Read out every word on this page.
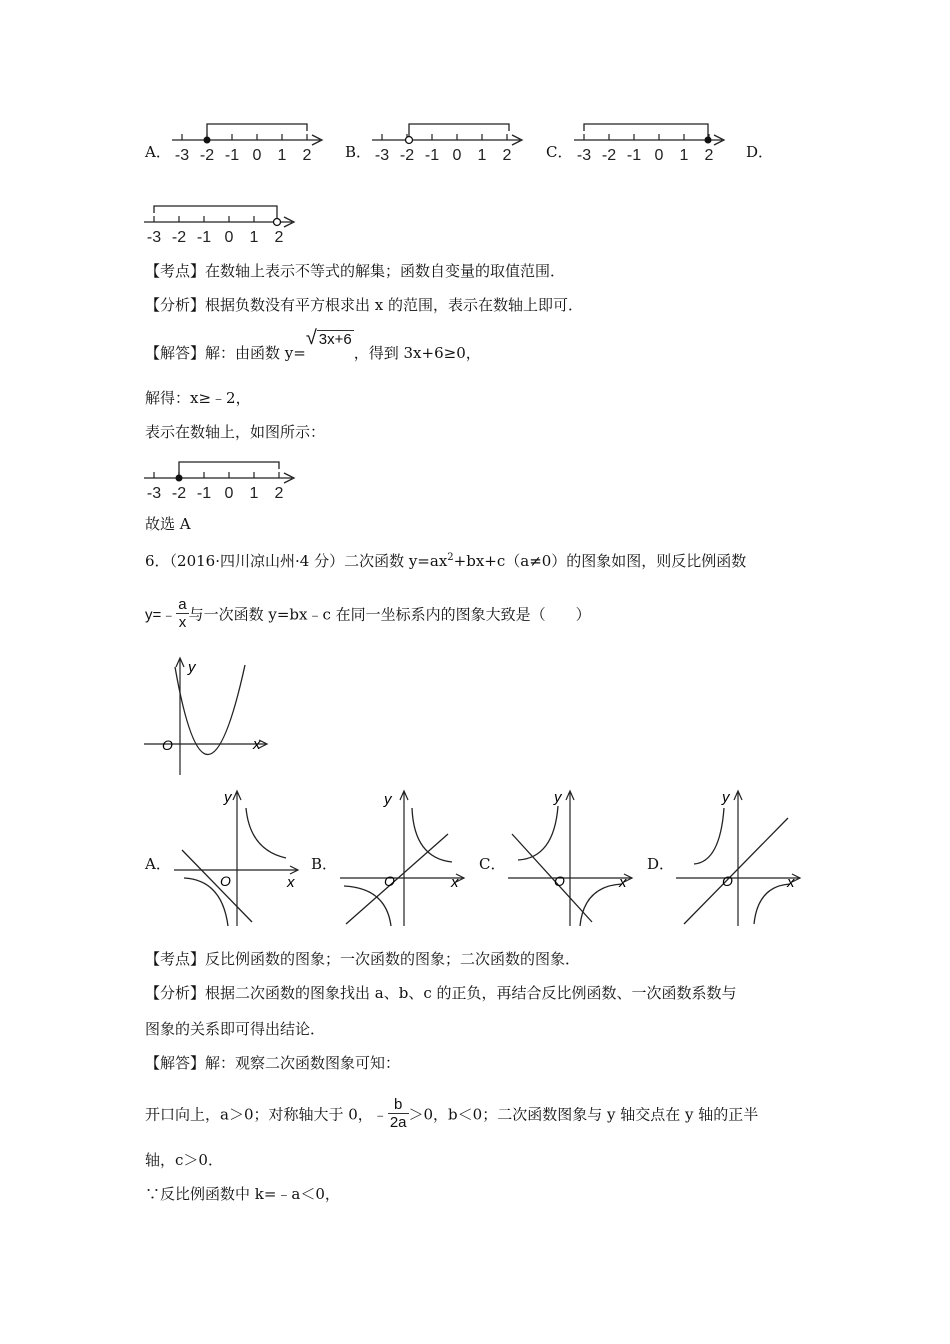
A． -3 -2 -1 0 1 2 B． -3 -2 -1 0 1 2 C． -3 -2 -1 0 1 2 D．
-3 -2 -1 0 1 2
【考点】在数轴上表示不等式的解集；函数自变量的取值范围．
【分析】根据负数没有平方根求出 x 的范围，表示在数轴上即可．
【解答】解：由函数 y=√ 3x+6，得到 3x+6≥0，
解得：x≥﹣2，
表示在数轴上，如图所示：
-3 -2 -1 0 1 2
故选 A
6．（2016·四川凉山州·4 分）二次函数 $y=ax^2+bx+c(a\ne 0)$的图象如图，则反比例函数
y=﹣ $\frac{a}{x}$ 与一次函数 y=bx﹣c 在同一坐标系内的图象大致是（　　）
y
x
O
A．
y
x
O
B．
y
x
O
C．
y
x
O
D．
y
x
O
【考点】反比例函数的图象；一次函数的图象；二次函数的图象．
【分析】根据二次函数的图象找出 a、b、c 的正负，再结合反比例函数、一次函数系数与
图象的关系即可得出结论．
【解答】解：观察二次函数图象可知：
开口向上，a＞0；对称轴大于 0，﹣ $\frac{b}{2a} >0$，b＜0；二次函数图象与 y 轴交点在 y 轴的正半
轴，c＞0．
∵反比例函数中 k=﹣a＜0，
